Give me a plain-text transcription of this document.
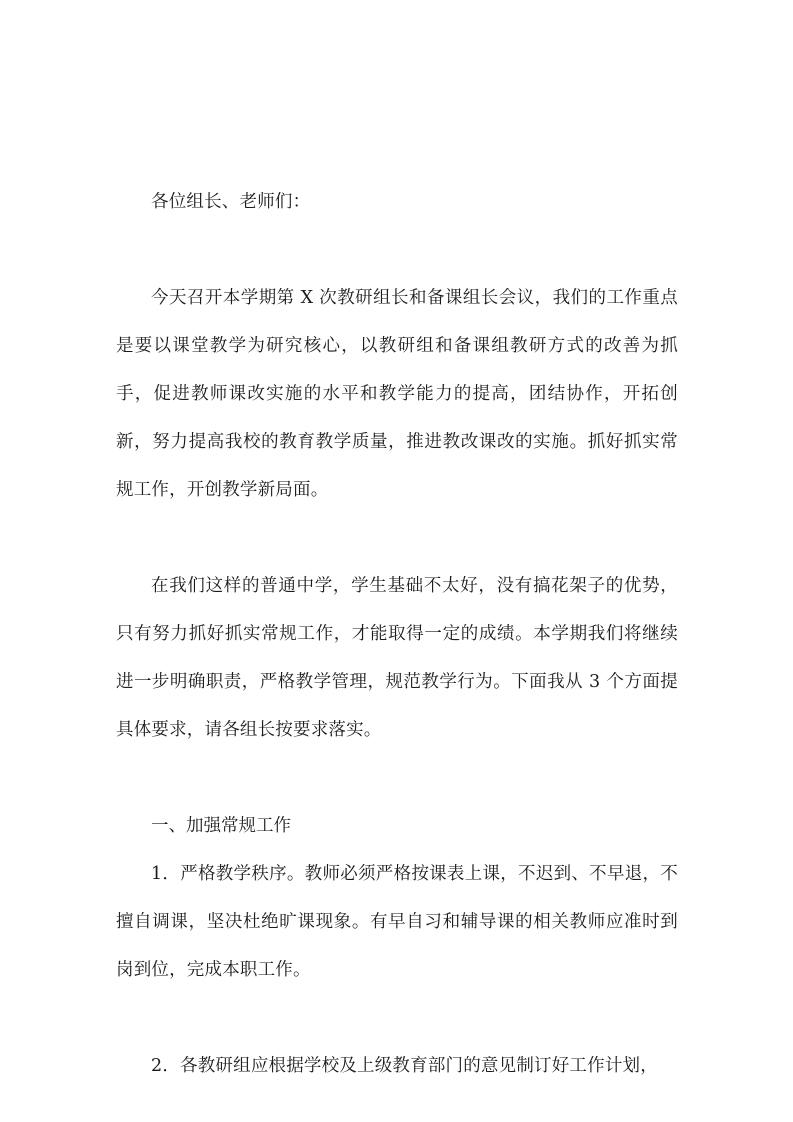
各位组长、老师们：

今天召开本学期第 X 次教研组长和备课组长会议，我们的工作重点是要以课堂教学为研究核心，以教研组和备课组教研方式的改善为抓手，促进教师课改实施的水平和教学能力的提高，团结协作，开拓创新，努力提高我校的教育教学质量，推进教改课改的实施。抓好抓实常规工作，开创教学新局面。

在我们这样的普通中学，学生基础不太好，没有搞花架子的优势，只有努力抓好抓实常规工作，才能取得一定的成绩。本学期我们将继续进一步明确职责，严格教学管理，规范教学行为。下面我从 3 个方面提具体要求，请各组长按要求落实。

一、加强常规工作

1．严格教学秩序。教师必须严格按课表上课，不迟到、不早退，不擅自调课，坚决杜绝旷课现象。有早自习和辅导课的相关教师应准时到岗到位，完成本职工作。

2．各教研组应根据学校及上级教育部门的意见制订好工作计划，
